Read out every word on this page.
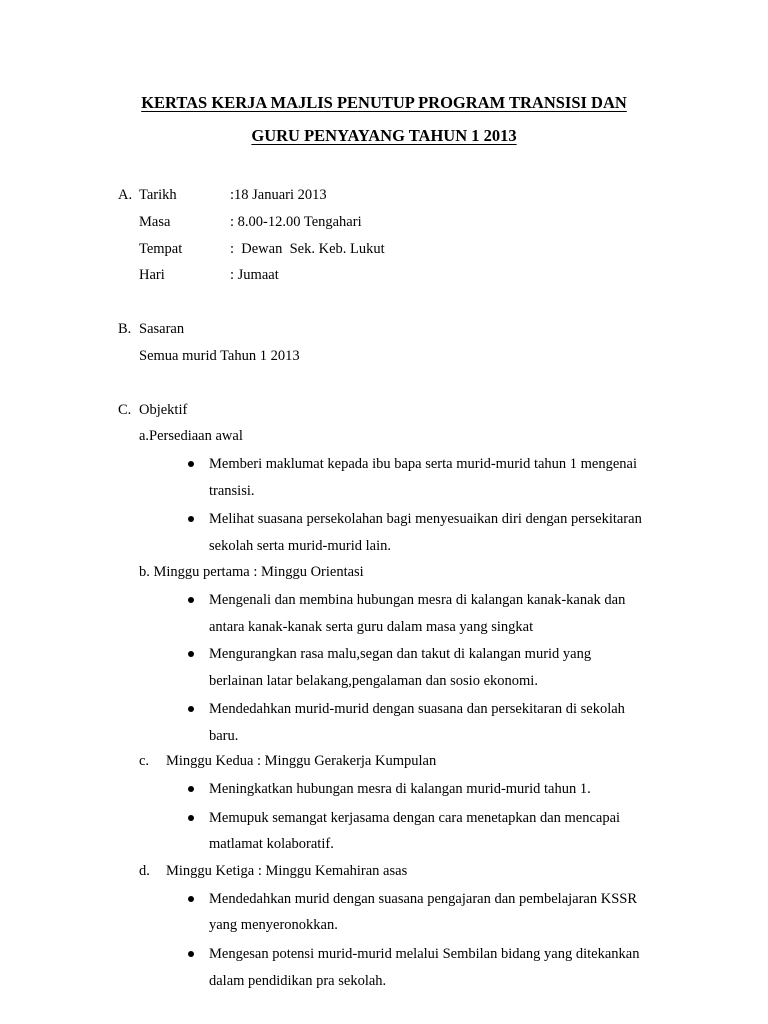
KERTAS KERJA MAJLIS PENUTUP PROGRAM TRANSISI DAN
GURU PENYAYANG TAHUN 1 2013
A. Tarikh	:18 Januari 2013
Masa	: 8.00-12.00 Tengahari
Tempat	:  Dewan  Sek. Keb. Lukut
Hari	: Jumaat
B. Sasaran
Semua murid Tahun 1 2013
C. Objektif
a.Persediaan awal
Memberi maklumat kepada ibu bapa serta murid-murid tahun 1 mengenai
transisi.
Melihat suasana persekolahan bagi menyesuaikan diri dengan persekitaran
sekolah serta murid-murid lain.
b. Minggu pertama : Minggu Orientasi
Mengenali dan membina hubungan mesra di kalangan kanak-kanak dan
antara kanak-kanak serta guru dalam masa yang singkat
Mengurangkan rasa malu,segan dan takut di kalangan murid yang
berlainan latar belakang,pengalaman dan sosio ekonomi.
Mendedahkan murid-murid dengan suasana dan persekitaran di sekolah
baru.
c. Minggu Kedua : Minggu Gerakerja Kumpulan
Meningkatkan hubungan mesra di kalangan murid-murid tahun 1.
Memupuk semangat kerjasama dengan cara menetapkan dan mencapai
matlamat kolaboratif.
d. Minggu Ketiga : Minggu Kemahiran asas
Mendedahkan murid dengan suasana pengajaran dan pembelajaran KSSR
yang menyeronokkan.
Mengesan potensi murid-murid melalui Sembilan bidang yang ditekankan
dalam pendidikan pra sekolah.
